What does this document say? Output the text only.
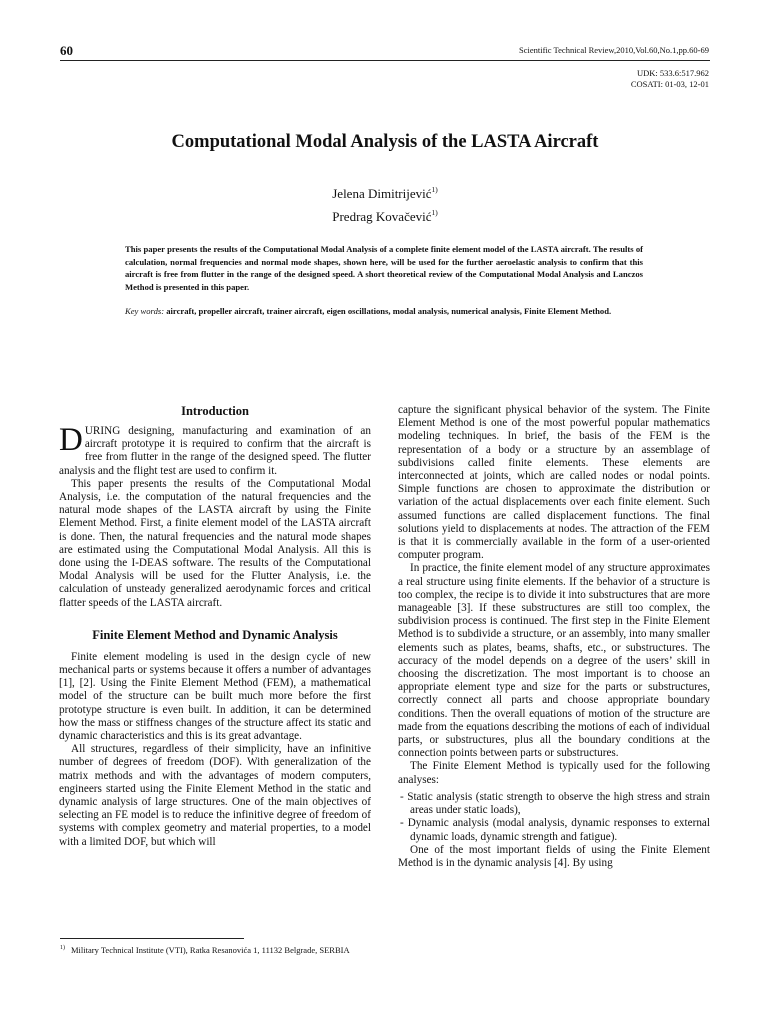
60	Scientific Technical Review,2010,Vol.60,No.1,pp.60-69
UDK: 533.6:517.962
COSATI: 01-03, 12-01
Computational Modal Analysis of the LASTA Aircraft
Jelena Dimitrijević$^{1)}$
Predrag Kovačević$^{1)}$
This paper presents the results of the Computational Modal Analysis of a complete finite element model of the LASTA aircraft. The results of calculation, normal frequencies and normal mode shapes, shown here, will be used for the further aeroelastic analysis to confirm that this aircraft is free from flutter in the range of the designed speed. A short theoretical review of the Computational Modal Analysis and Lanczos Method is presented in this paper.
Key words: aircraft, propeller aircraft, trainer aircraft, eigen oscillations, modal analysis, numerical analysis, Finite Element Method.
Introduction

DURING designing, manufacturing and examination of an aircraft prototype it is required to confirm that the aircraft is free from flutter in the range of the designed speed. The flutter analysis and the flight test are used to confirm it.

This paper presents the results of the Computational Modal Analysis, i.e. the computation of the natural frequencies and the natural mode shapes of the LASTA aircraft by using the Finite Element Method. First, a finite element model of the LASTA aircraft is done. Then, the natural frequencies and the natural mode shapes are estimated using the Computational Modal Analysis. All this is done using the I-DEAS software. The results of the Computational Modal Analysis will be used for the Flutter Analysis, i.e. the calculation of unsteady generalized aerodynamic forces and critical flatter speeds of the LASTA aircraft.

Finite Element Method and Dynamic Analysis

Finite element modeling is used in the design cycle of new mechanical parts or systems because it offers a number of advantages [1], [2]. Using the Finite Element Method (FEM), a mathematical model of the structure can be built much more before the first prototype structure is even built. In addition, it can be determined how the mass or stiffness changes of the structure affect its static and dynamic characteristics and this is its great advantage.

All structures, regardless of their simplicity, have an infinitive number of degrees of freedom (DOF). With generalization of the matrix methods and with the advantages of modern computers, engineers started using the Finite Element Method in the static and dynamic analysis of large structures. One of the main objectives of selecting an FE model is to reduce the infinitive degree of freedom of systems with complex geometry and material properties, to a model with a limited DOF, but which will

capture the significant physical behavior of the system. The Finite Element Method is one of the most powerful popular mathematics modeling techniques. In brief, the basis of the FEM is the representation of a body or a structure by an assemblage of subdivisions called finite elements. These elements are interconnected at joints, which are called nodes or nodal points. Simple functions are chosen to approximate the distribution or variation of the actual displacements over each finite element. Such assumed functions are called displacement functions. The final solutions yield to displacements at nodes. The attraction of the FEM is that it is commercially available in the form of a user-oriented computer program.

In practice, the finite element model of any structure approximates a real structure using finite elements. If the behavior of a structure is too complex, the recipe is to divide it into substructures that are more manageable [3]. If these substructures are still too complex, the subdivision process is continued. The first step in the Finite Element Method is to subdivide a structure, or an assembly, into many smaller elements such as plates, beams, shafts, etc., or substructures. The accuracy of the model depends on a degree of the users’ skill in choosing the discretization. The most important is to choose an appropriate element type and size for the parts or substructures, correctly connect all parts and choose appropriate boundary conditions. Then the overall equations of motion of the structure are made from the equations describing the motions of each of individual parts, or substructures, plus all the boundary conditions at the connection points between parts or substructures.

The Finite Element Method is typically used for the following analyses:

- Static analysis (static strength to observe the high stress and strain areas under static loads),
- Dynamic analysis (modal analysis, dynamic responses to external dynamic loads, dynamic strength and fatigue).

One of the most important fields of using the Finite Element Method is in the dynamic analysis [4]. By using

$^{1)}$ Military Technical Institute (VTI), Ratka Resanovića 1, 11132 Belgrade, SERBIA
